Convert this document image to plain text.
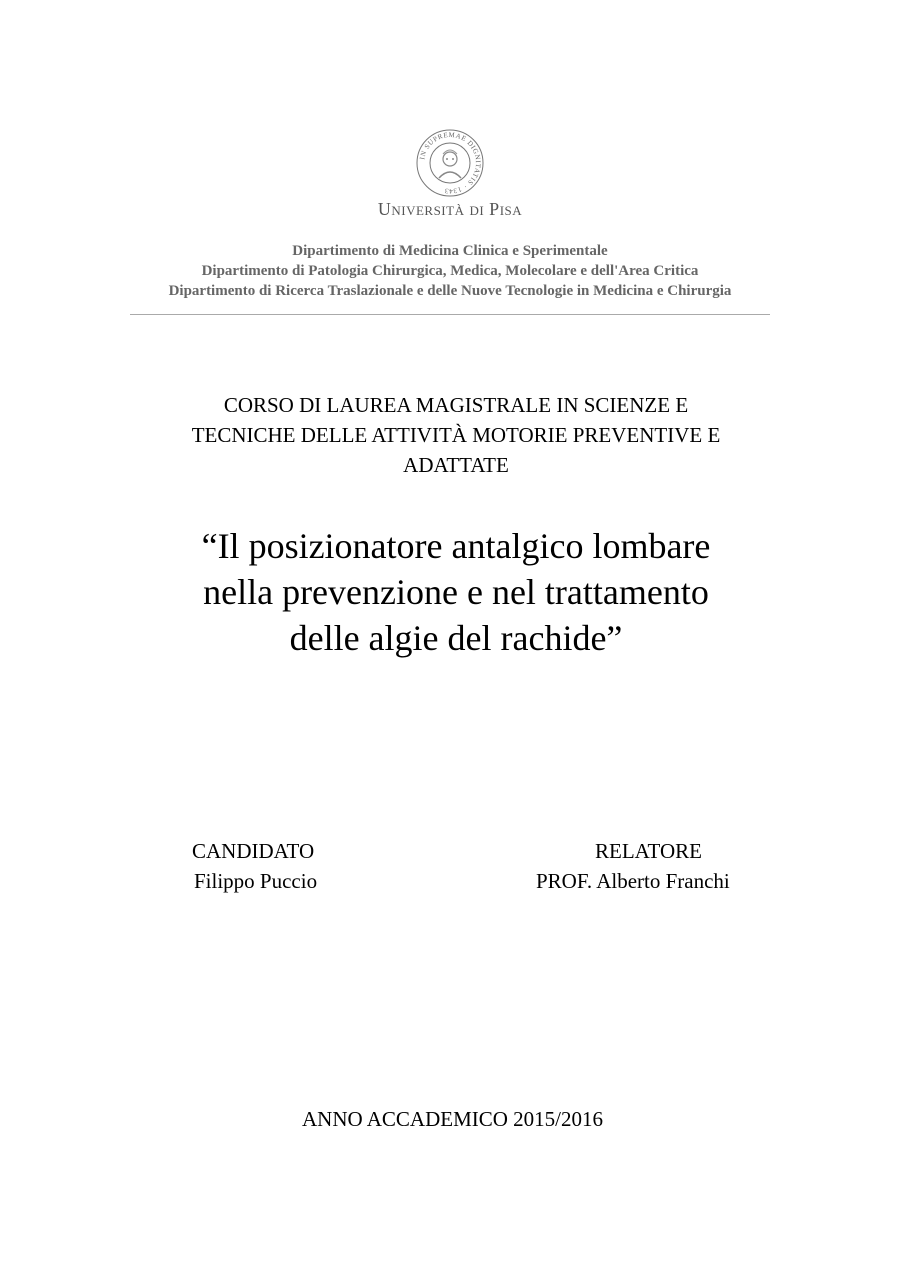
IN SUPREMAE DIGNITATIS · 1343
Università di Pisa
Dipartimento di Medicina Clinica e Sperimentale
Dipartimento di Patologia Chirurgica, Medica, Molecolare e dell'Area Critica
Dipartimento di Ricerca Traslazionale e delle Nuove Tecnologie in Medicina e Chirurgia
CORSO DI LAUREA MAGISTRALE IN SCIENZE E
TECNICHE DELLE ATTIVITÀ MOTORIE PREVENTIVE E
ADATTATE
“Il posizionatore antalgico lombare
nella prevenzione e nel trattamento
delle algie del rachide”
CANDIDATO
Filippo Puccio
RELATORE
PROF. Alberto Franchi
ANNO ACCADEMICO 2015/2016
